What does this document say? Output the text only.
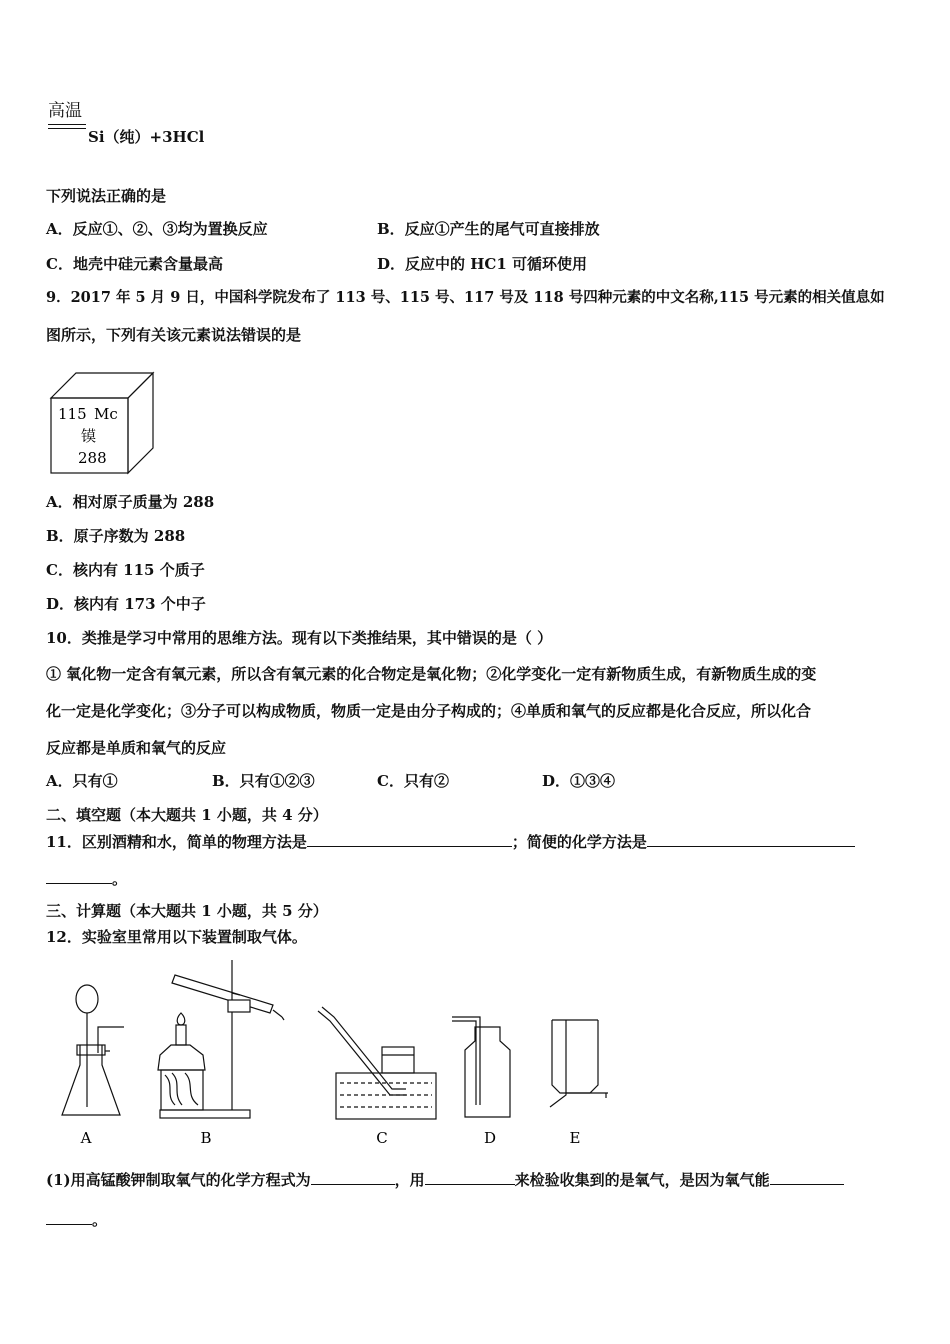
高温
Si（纯）+3HCl
下列说法正确的是
A．反应①、②、③均为置换反应	B．反应①产生的尾气可直接排放
C．地壳中硅元素含量最高	D．反应中的 HC1 可循环使用
9．2017 年 5 月 9 日，中国科学院发布了 113 号、115 号、117 号及 118 号四种元素的中文名称,115 号元素的相关值息如
图所示，下列有关该元素说法错误的是
115 Mc
镆
288
A．相对原子质量为 288
B．原子序数为 288
C．核内有 115 个质子
D．核内有 173 个中子
10．类推是学习中常用的思维方法。现有以下类推结果，其中错误的是（ ）
① 氧化物一定含有氧元素，所以含有氧元素的化合物定是氧化物；②化学变化一定有新物质生成，有新物质生成的变
化一定是化学变化；③分子可以构成物质，物质一定是由分子构成的；④单质和氧气的反应都是化合反应，所以化合
反应都是单质和氧气的反应
A．只有①	B．只有①②③	C．只有②	D．①③④
二、填空题（本大题共 1 小题，共 4 分）
11．区别酒精和水，简单的物理方法是	；简便的化学方法是
。
三、计算题（本大题共 1 小题，共 5 分）
12．实验室里常用以下装置制取气体。
A	B	C	D	E
(1)用高锰酸钾制取氧气的化学方程式为	，用	来检验收集到的是氧气，是因为氧气能
。
